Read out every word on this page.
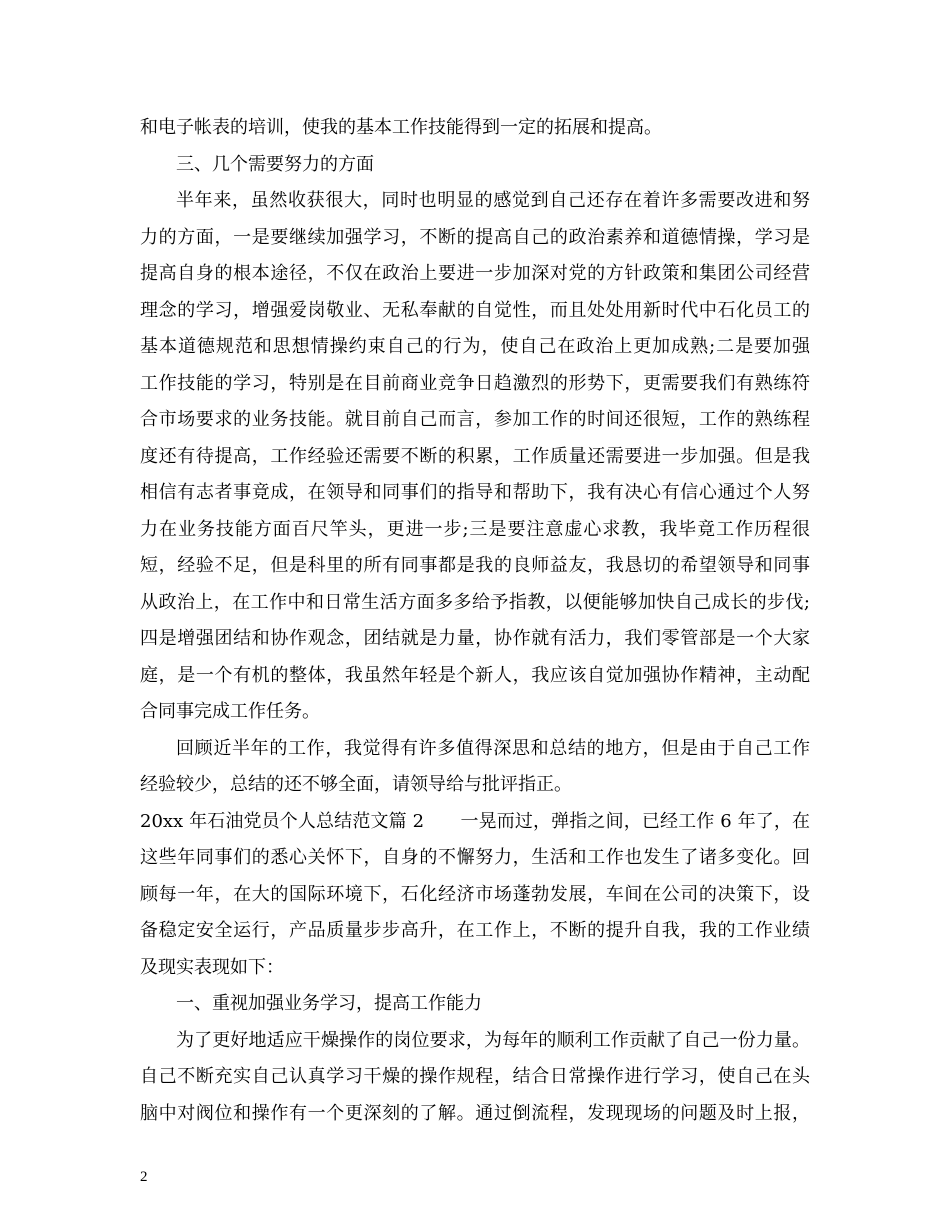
和电子帐表的培训，使我的基本工作技能得到一定的拓展和提高。
三、几个需要努力的方面
半年来，虽然收获很大，同时也明显的感觉到自己还存在着许多需要改进和努
力的方面，一是要继续加强学习，不断的提高自己的政治素养和道德情操，学习是
提高自身的根本途径，不仅在政治上要进一步加深对党的方针政策和集团公司经营
理念的学习，增强爱岗敬业、无私奉献的自觉性，而且处处用新时代中石化员工的
基本道德规范和思想情操约束自己的行为，使自己在政治上更加成熟;二是要加强
工作技能的学习，特别是在目前商业竞争日趋激烈的形势下，更需要我们有熟练符
合市场要求的业务技能。就目前自己而言，参加工作的时间还很短，工作的熟练程
度还有待提高，工作经验还需要不断的积累，工作质量还需要进一步加强。但是我
相信有志者事竟成，在领导和同事们的指导和帮助下，我有决心有信心通过个人努
力在业务技能方面百尺竿头，更进一步;三是要注意虚心求教，我毕竟工作历程很
短，经验不足，但是科里的所有同事都是我的良师益友，我恳切的希望领导和同事
从政治上，在工作中和日常生活方面多多给予指教，以便能够加快自己成长的步伐;
四是增强团结和协作观念，团结就是力量，协作就有活力，我们零管部是一个大家
庭，是一个有机的整体，我虽然年轻是个新人，我应该自觉加强协作精神，主动配
合同事完成工作任务。
回顾近半年的工作，我觉得有许多值得深思和总结的地方，但是由于自己工作
经验较少，总结的还不够全面，请领导给与批评指正。
20xx 年石油党员个人总结范文篇 2　　一晃而过，弹指之间，已经工作 6 年了，在
这些年同事们的悉心关怀下，自身的不懈努力，生活和工作也发生了诸多变化。回
顾每一年，在大的国际环境下，石化经济市场蓬勃发展，车间在公司的决策下，设
备稳定安全运行，产品质量步步高升，在工作上，不断的提升自我，我的工作业绩
及现实表现如下：
一、重视加强业务学习，提高工作能力
为了更好地适应干燥操作的岗位要求，为每年的顺利工作贡献了自己一份力量。
自己不断充实自己认真学习干燥的操作规程，结合日常操作进行学习，使自己在头
脑中对阀位和操作有一个更深刻的了解。通过倒流程，发现现场的问题及时上报，
2
